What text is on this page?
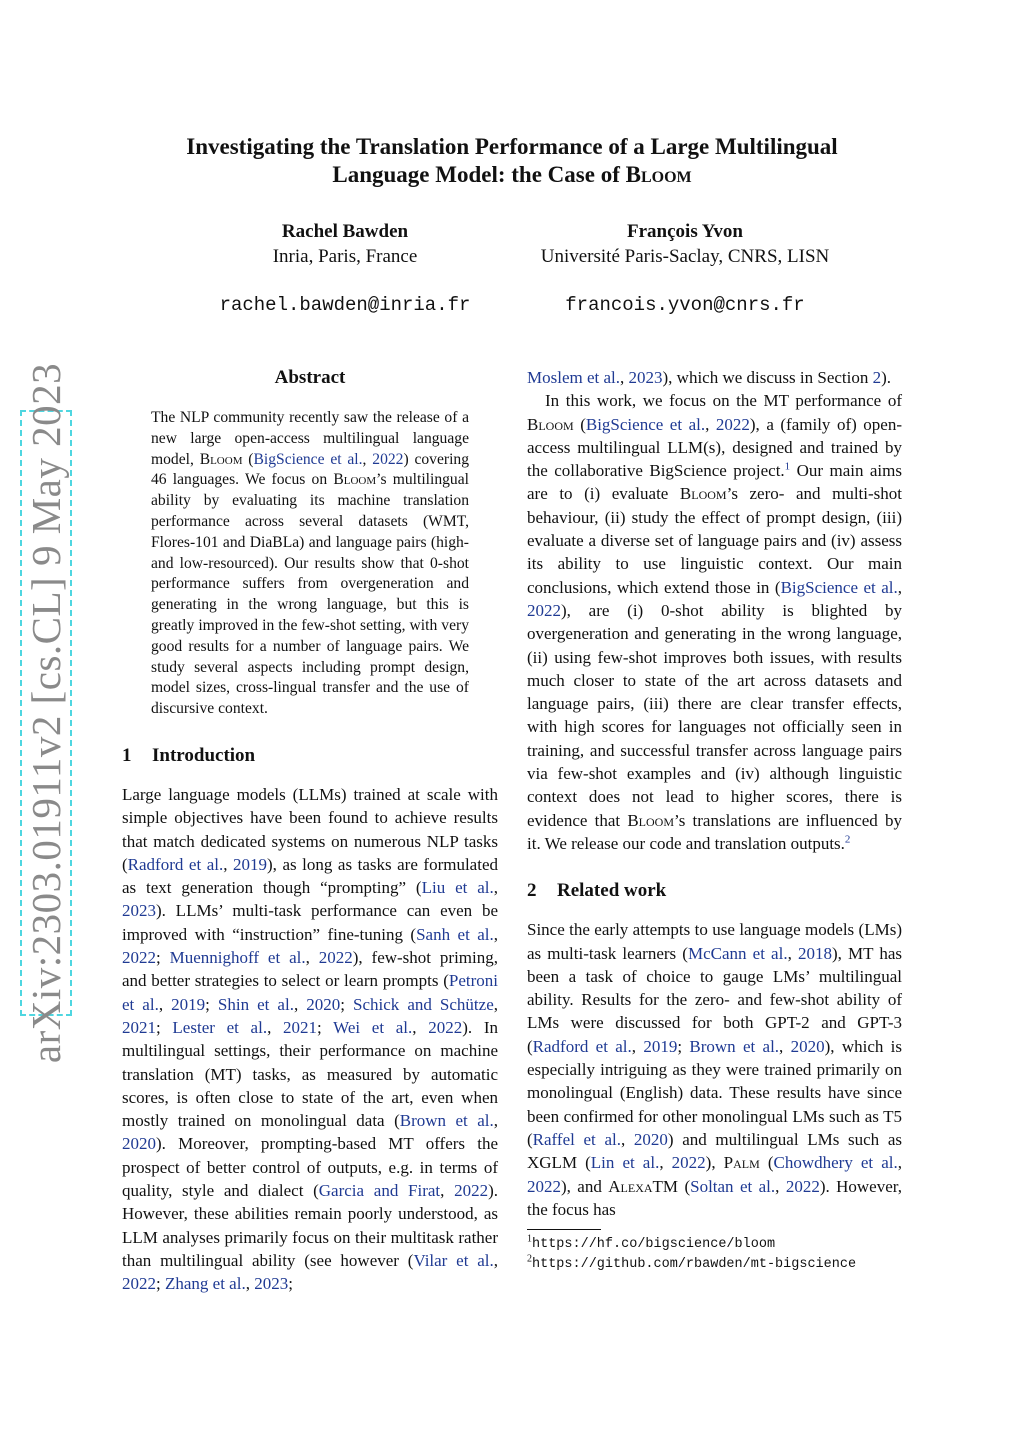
arXiv:2303.01911v2 [cs.CL] 9 May 2023
Investigating the Translation Performance of a Large Multilingual
Language Model: the Case of Bloom
Rachel Bawden
Inria, Paris, France
rachel.bawden@inria.fr
François Yvon
Université Paris-Saclay, CNRS, LISN
francois.yvon@cnrs.fr
Abstract

The NLP community recently saw the release of a new large open-access multilingual language model, Bloom (BigScience et al., 2022) covering 46 languages. We focus on Bloom’s multilingual ability by evaluating its machine translation performance across several datasets (WMT, Flores-101 and DiaBLa) and language pairs (high- and low-resourced). Our results show that 0-shot performance suffers from overgeneration and generating in the wrong language, but this is greatly improved in the few-shot setting, with very good results for a number of language pairs. We study several aspects including prompt design, model sizes, cross-lingual transfer and the use of discursive context.

1 Introduction

Large language models (LLMs) trained at scale with simple objectives have been found to achieve results that match dedicated systems on numerous NLP tasks (Radford et al., 2019), as long as tasks are formulated as text generation though “prompting” (Liu et al., 2023). LLMs’ multi-task performance can even be improved with “instruction” fine-tuning (Sanh et al., 2022; Muennighoff et al., 2022), few-shot priming, and better strategies to select or learn prompts (Petroni et al., 2019; Shin et al., 2020; Schick and Schütze, 2021; Lester et al., 2021; Wei et al., 2022). In multilingual settings, their performance on machine translation (MT) tasks, as measured by automatic scores, is often close to state of the art, even when mostly trained on monolingual data (Brown et al., 2020). Moreover, prompting-based MT offers the prospect of better control of outputs, e.g. in terms of quality, style and dialect (Garcia and Firat, 2022). However, these abilities remain poorly understood, as LLM analyses primarily focus on their multitask rather than multilingual ability (see however (Vilar et al., 2022; Zhang et al., 2023;

Moslem et al., 2023), which we discuss in Section 2).

In this work, we focus on the MT performance of Bloom (BigScience et al., 2022), a (family of) open-access multilingual LLM(s), designed and trained by the collaborative BigScience project.$^1$ Our main aims are to (i) evaluate Bloom’s zero- and multi-shot behaviour, (ii) study the effect of prompt design, (iii) evaluate a diverse set of language pairs and (iv) assess its ability to use linguistic context. Our main conclusions, which extend those in (BigScience et al., 2022), are (i) 0-shot ability is blighted by overgeneration and generating in the wrong language, (ii) using few-shot improves both issues, with results much closer to state of the art across datasets and language pairs, (iii) there are clear transfer effects, with high scores for languages not officially seen in training, and successful transfer across language pairs via few-shot examples and (iv) although linguistic context does not lead to higher scores, there is evidence that Bloom’s translations are influenced by it. We release our code and translation outputs.$^2$

2 Related work

Since the early attempts to use language models (LMs) as multi-task learners (McCann et al., 2018), MT has been a task of choice to gauge LMs’ multilingual ability. Results for the zero- and few-shot ability of LMs were discussed for both GPT-2 and GPT-3 (Radford et al., 2019; Brown et al., 2020), which is especially intriguing as they were trained primarily on monolingual (English) data. These results have since been confirmed for other monolingual LMs such as T5 (Raffel et al., 2020) and multilingual LMs such as XGLM (Lin et al., 2022), Palm (Chowdhery et al., 2022), and AlexaTM (Soltan et al., 2022). However, the focus has

$^1$https://hf.co/bigscience/bloom
$^2$https://github.com/rbawden/mt-bigscience
